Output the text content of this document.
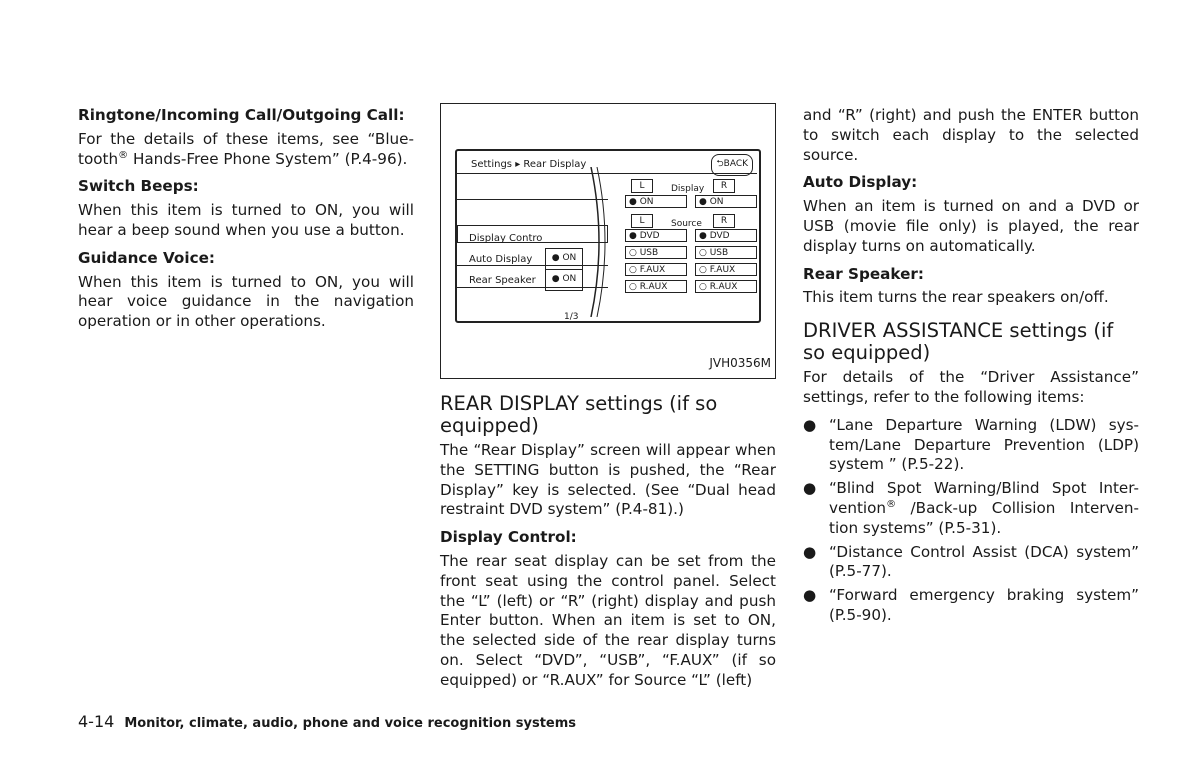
Ringtone/Incoming Call/Outgoing Call:
For the details of these items, see “Blue-tooth® Hands-Free Phone System” (P.4-96).
Switch Beeps:
When this item is turned to ON, you will hear a beep sound when you use a button.
Guidance Voice:
When this item is turned to ON, you will hear voice guidance in the navigation operation or in other operations.
Settings ▸ Rear Display	⮌BACK
Display Contro
Auto Display	● ON
Rear Speaker	● ON
1/3
L	Display	R
● ON	● ON
L	Source	R
● DVD	● DVD
○ USB	○ USB
○ F.AUX	○ F.AUX
○ R.AUX	○ R.AUX
JVH0356M
REAR DISPLAY settings (if so equipped)
The “Rear Display” screen will appear when the SETTING button is pushed, the “Rear Display” key is selected. (See “Dual head restraint DVD system” (P.4-81).)
Display Control:
The rear seat display can be set from the front seat using the control panel. Select the “L” (left) or “R” (right) display and push Enter button. When an item is set to ON, the selected side of the rear display turns on. Select “DVD”, “USB”, “F.AUX” (if so equipped) or “R.AUX” for Source “L” (left)
and “R” (right) and push the ENTER button to switch each display to the selected source.
Auto Display:
When an item is turned on and a DVD or USB (movie file only) is played, the rear display turns on automatically.
Rear Speaker:
This item turns the rear speakers on/off.
DRIVER ASSISTANCE settings (if so equipped)
For details of the “Driver Assistance” settings, refer to the following items:
● “Lane Departure Warning (LDW) sys-tem/Lane Departure Prevention (LDP) system ” (P.5-22).
● “Blind Spot Warning/Blind Spot Inter-vention® /Back-up Collision Interven-tion systems” (P.5-31).
● “Distance Control Assist (DCA) system” (P.5-77).
● “Forward emergency braking system” (P.5-90).
4-14 Monitor, climate, audio, phone and voice recognition systems
